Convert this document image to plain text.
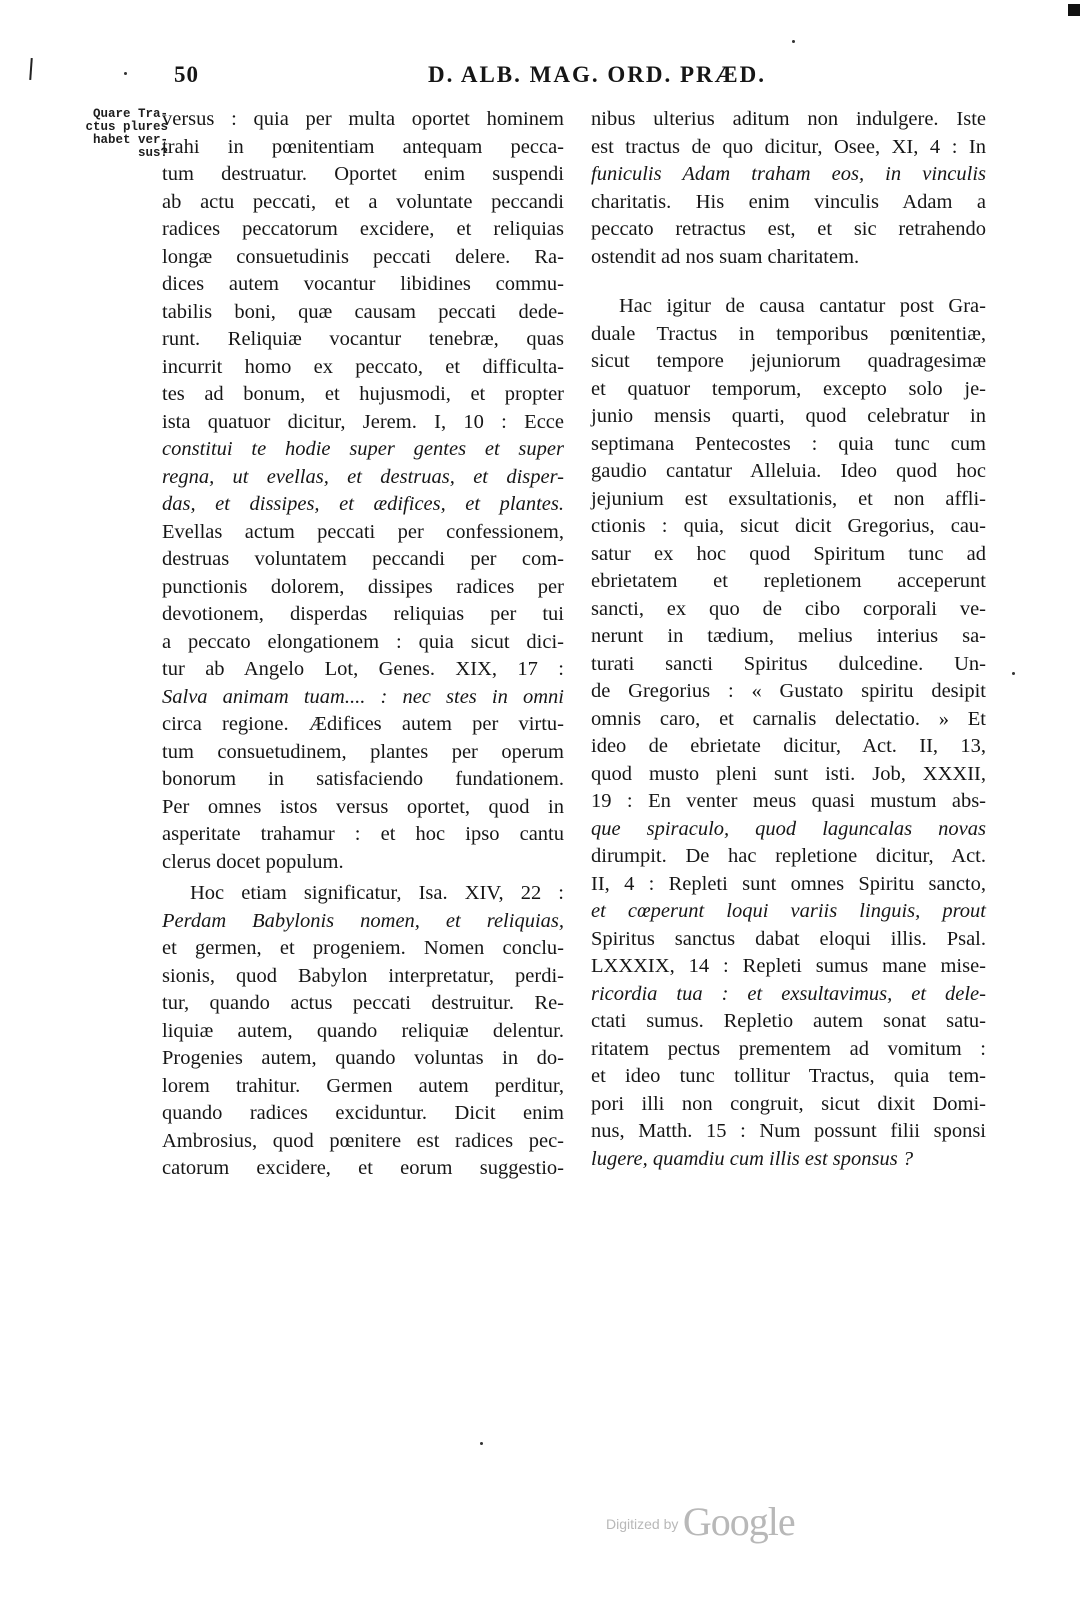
50	D. ALB. MAG. ORD. PRÆD.
Quare Tra-
ctus plures
habet ver-
sus?
versus : quia per multa oportet hominem
trahi in pœnitentiam antequam pecca-
tum destruatur. Oportet enim suspendi
ab actu peccati, et a voluntate peccandi
radices peccatorum excidere, et reliquias
longæ consuetudinis peccati delere. Ra-
dices autem vocantur libidines commu-
tabilis boni, quæ causam peccati dede-
runt. Reliquiæ vocantur tenebræ, quas
incurrit homo ex peccato, et difficulta-
tes ad bonum, et hujusmodi, et propter
ista quatuor dicitur, Jerem. I, 10 : Ecce
constitui te hodie super gentes et super
regna, ut evellas, et destruas, et disper-
das, et dissipes, et ædifices, et plantes.
Evellas actum peccati per confessionem,
destruas voluntatem peccandi per com-
punctionis dolorem, dissipes radices per
devotionem, disperdas reliquias per tui
a peccato elongationem : quia sicut dici-
tur ab Angelo Lot, Genes. XIX, 17 :
Salva animam tuam.... : nec stes in omni
circa regione. Ædifices autem per virtu-
tum consuetudinem, plantes per operum
bonorum in satisfaciendo fundationem.
Per omnes istos versus oportet, quod in
asperitate trahamur : et hoc ipso cantu
clerus docet populum.
Hoc etiam significatur, Isa. XIV, 22 :
Perdam Babylonis nomen, et reliquias,
et germen, et progeniem. Nomen conclu-
sionis, quod Babylon interpretatur, perdi-
tur, quando actus peccati destruitur. Re-
liquiæ autem, quando reliquiæ delentur.
Progenies autem, quando voluntas in do-
lorem trahitur. Germen autem perditur,
quando radices exciduntur. Dicit enim
Ambrosius, quod pœnitere est radices pec-
catorum excidere, et eorum suggestio-
nibus ulterius aditum non indulgere. Iste
est tractus de quo dicitur, Osee, XI, 4 : In
funiculis Adam traham eos, in vinculis
charitatis. His enim vinculis Adam a
peccato retractus est, et sic retrahendo
ostendit ad nos suam charitatem.
Hac igitur de causa cantatur post Gra-
duale Tractus in temporibus pœnitentiæ,
sicut tempore jejuniorum quadragesimæ
et quatuor temporum, excepto solo je-
junio mensis quarti, quod celebratur in
septimana Pentecostes : quia tunc cum
gaudio cantatur Alleluia. Ideo quod hoc
jejunium est exsultationis, et non affli-
ctionis : quia, sicut dicit Gregorius, cau-
satur ex hoc quod Spiritum tunc ad
ebrietatem et repletionem acceperunt
sancti, ex quo de cibo corporali ve-
nerunt in tædium, melius interius sa-
turati sancti Spiritus dulcedine. Un-
de Gregorius : « Gustato spiritu desipit
omnis caro, et carnalis delectatio. » Et
ideo de ebrietate dicitur, Act. II, 13,
quod musto pleni sunt isti. Job, XXXII,
19 : En venter meus quasi mustum abs-
que spiraculo, quod laguncalas novas
dirumpit. De hac repletione dicitur, Act.
II, 4 : Repleti sunt omnes Spiritu sancto,
et cœperunt loqui variis linguis, prout
Spiritus sanctus dabat eloqui illis. Psal.
LXXXIX, 14 : Repleti sumus mane mise-
ricordia tua : et exsultavimus, et dele-
ctati sumus. Repletio autem sonat satu-
ritatem pectus prementem ad vomitum :
et ideo tunc tollitur Tractus, quia tem-
pori illi non congruit, sicut dixit Domi-
nus, Matth. 15 : Num possunt filii sponsi
lugere, quamdiu cum illis est sponsus ?
Digitized by Google
